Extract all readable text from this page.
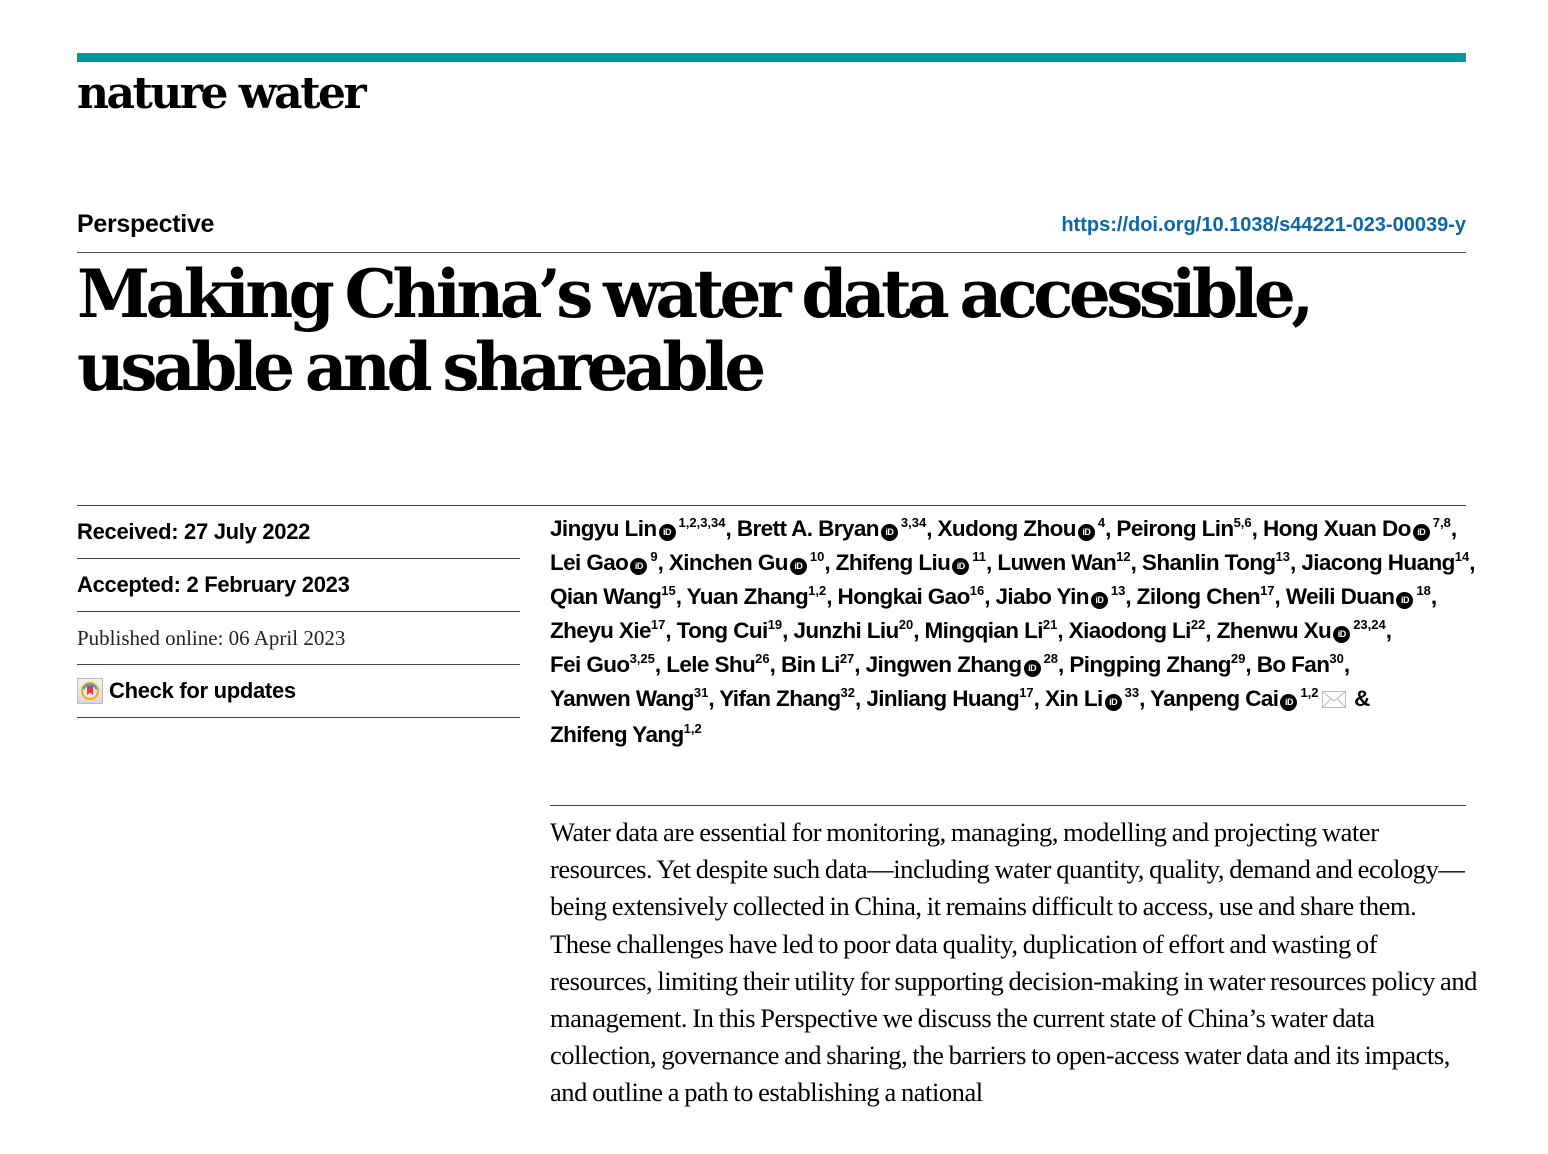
nature water
Perspective	https://doi.org/10.1038/s44221-023-00039-y
Making China’s water data accessible, usable and shareable
Received: 27 July 2022
Accepted: 2 February 2023
Published online: 06 April 2023
Check for updates
Jingyu Lin iD$^{1,2,3,34}$, Brett A. Bryan iD$^{3,34}$, Xudong Zhou $iD^4$, Peirong Lin$^{5,6}$, Hong Xuan Do iD$^{7,8}$, Lei Gao $iD^9$, Xinchen Gu $iD^{10}$, Zhifeng Liu $iD^{11}$, Luwen Wan$^{12}$, Shanlin Tong$^{13}$, Jiacong Huang$^{14}$, Qian Wang$^{15}$, Yuan Zhang$^{1,2}$, Hongkai Gao$^{16}$, Jiabo Yin $iD^{13}$, Zilong Chen$^{17}$, Weili Duan $iD^{18}$, Zheyu Xie$^{17}$, Tong Cui$^{19}$, Junzhi Liu$^{20}$, Mingqian Li$^{21}$, Xiaodong Li$^{22}$, Zhenwu Xu iD$^{23,24}$, Fei Guo$^{3,25}$, Lele Shu$^{26}$, Bin Li$^{27}$, Jingwen Zhang $iD^{28}$, Pingping Zhang$^{29}$, Bo Fan$^{30}$, Yanwen Wang$^{31}$, Yifan Zhang$^{32}$, Jinliang Huang$^{17}$, Xin Li $iD^{33}$, Yanpeng Cai iD$^{1,2}$ & Zhifeng Yang$^{1,2}$

Water data are essential for monitoring, managing, modelling and projecting water resources. Yet despite such data—including water quantity, quality, demand and ecology—being extensively collected in China, it remains difficult to access, use and share them. These challenges have led to poor data quality, duplication of effort and wasting of resources, limiting their utility for supporting decision-making in water resources policy and management. In this Perspective we discuss the current state of China’s water data collection, governance and sharing, the barriers to open-access water data and its impacts, and outline a path to establishing a national
